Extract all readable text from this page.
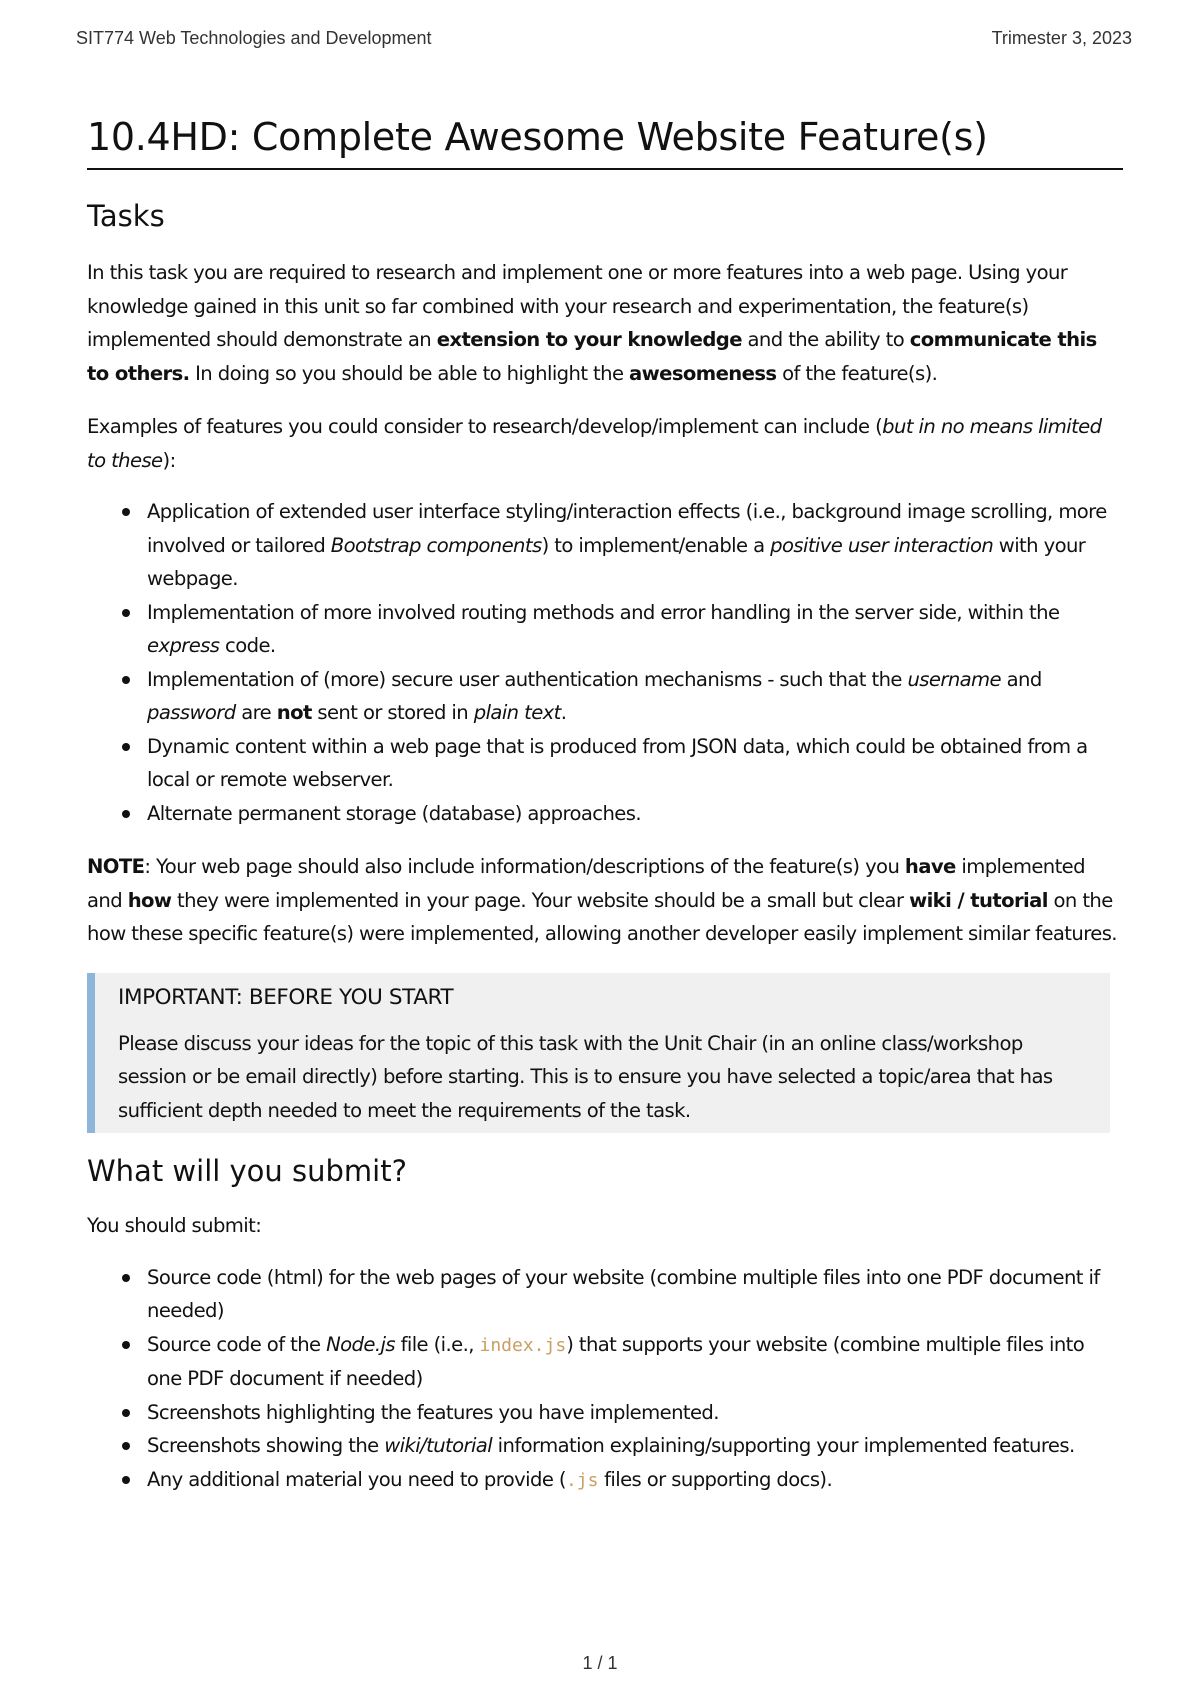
SIT774 Web Technologies and Development	Trimester 3, 2023
10.4HD: Complete Awesome Website Feature(s)
Tasks

In this task you are required to research and implement one or more features into a web page. Using your knowledge gained in this unit so far combined with your research and experimentation, the feature(s) implemented should demonstrate an extension to your knowledge and the ability to communicate this to others. In doing so you should be able to highlight the awesomeness of the feature(s).

Examples of features you could consider to research/develop/implement can include (but in no means limited to these):

Application of extended user interface styling/interaction effects (i.e., background image scrolling, more involved or tailored Bootstrap components) to implement/enable a positive user interaction with your webpage.
Implementation of more involved routing methods and error handling in the server side, within the express code.
Implementation of (more) secure user authentication mechanisms - such that the username and password are not sent or stored in plain text.
Dynamic content within a web page that is produced from JSON data, which could be obtained from a local or remote webserver.
Alternate permanent storage (database) approaches.

NOTE: Your web page should also include information/descriptions of the feature(s) you have implemented and how they were implemented in your page. Your website should be a small but clear wiki / tutorial on the how these specific feature(s) were implemented, allowing another developer easily implement similar features.

IMPORTANT: BEFORE YOU START
Please discuss your ideas for the topic of this task with the Unit Chair (in an online class/workshop session or be email directly) before starting. This is to ensure you have selected a topic/area that has sufficient depth needed to meet the requirements of the task.
What will you submit?

You should submit:

Source code (html) for the web pages of your website (combine multiple files into one PDF document if needed)
Source code of the Node.js file (i.e., index.js) that supports your website (combine multiple files into one PDF document if needed)
Screenshots highlighting the features you have implemented.
Screenshots showing the wiki/tutorial information explaining/supporting your implemented features.
Any additional material you need to provide (.js files or supporting docs).
1 / 1
